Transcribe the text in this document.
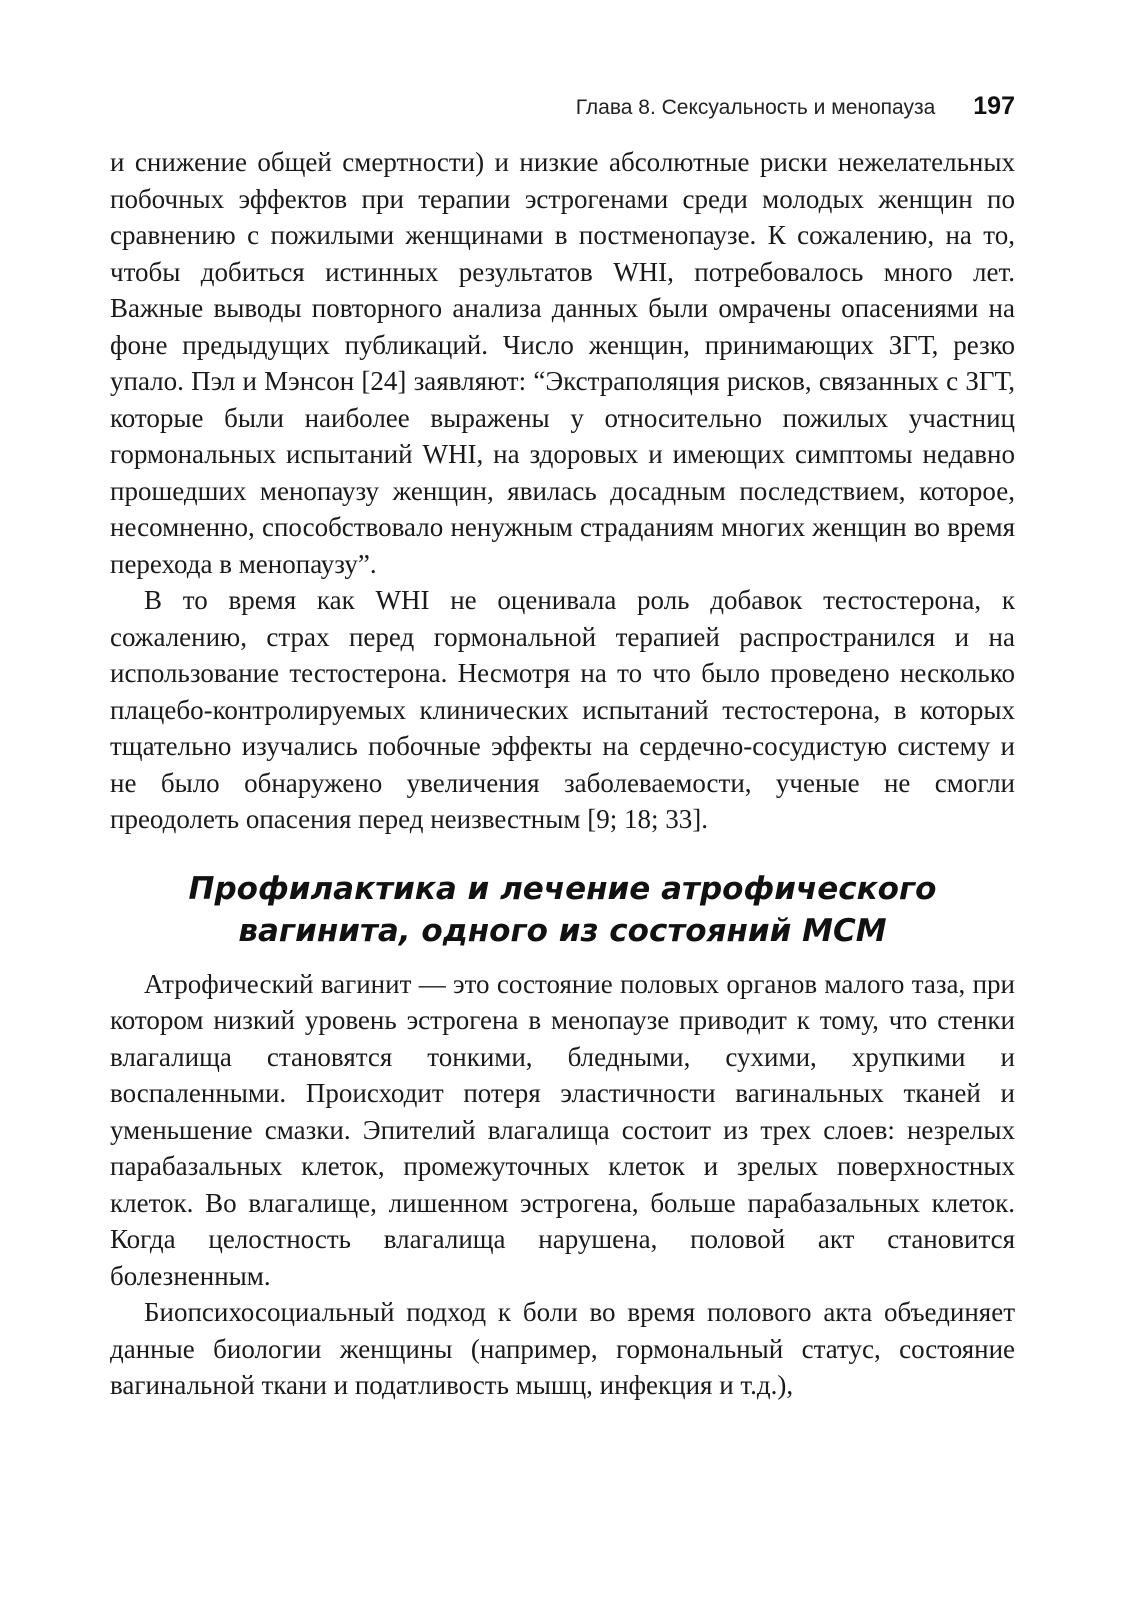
Глава 8. Сексуальность и менопауза 197

и снижение общей смертности) и низкие абсолютные риски нежелательных побочных эффектов при терапии эстрогенами среди молодых женщин по сравнению с пожилыми женщинами в постменопаузе. К сожалению, на то, чтобы добиться истинных результатов WHI, потребовалось много лет. Важные выводы повторного анализа данных были омрачены опасениями на фоне предыдущих публикаций. Число женщин, принимающих ЗГТ, резко упало. Пэл и Мэнсон [24] заявляют: “Экстраполяция рисков, связанных с ЗГТ, которые были наиболее выражены у относительно пожилых участниц гормональных испытаний WHI, на здоровых и имеющих симптомы недавно прошедших менопаузу женщин, явилась досадным последствием, которое, несомненно, способствовало ненужным страданиям многих женщин во время перехода в менопаузу”.

В то время как WHI не оценивала роль добавок тестостерона, к сожалению, страх перед гормональной терапией распространился и на использование тестостерона. Несмотря на то что было проведено несколько плацебо-контролируемых клинических испытаний тестостерона, в которых тщательно изучались побочные эффекты на сердечно-сосудистую систему и не было обнаружено увеличения заболеваемости, ученые не смогли преодолеть опасения перед неизвестным [9; 18; 33].

Профилактика и лечение атрофического
вагинита, одного из состояний МСМ

Атрофический вагинит — это состояние половых органов малого таза, при котором низкий уровень эстрогена в менопаузе приводит к тому, что стенки влагалища становятся тонкими, бледными, сухими, хрупкими и воспаленными. Происходит потеря эластичности вагинальных тканей и уменьшение смазки. Эпителий влагалища состоит из трех слоев: незрелых парабазальных клеток, промежуточных клеток и зрелых поверхностных клеток. Во влагалище, лишенном эстрогена, больше парабазальных клеток. Когда целостность влагалища нарушена, половой акт становится болезненным.

Биопсихосоциальный подход к боли во время полового акта объединяет данные биологии женщины (например, гормональный статус, состояние вагинальной ткани и податливость мышц, инфекция и т.д.),
